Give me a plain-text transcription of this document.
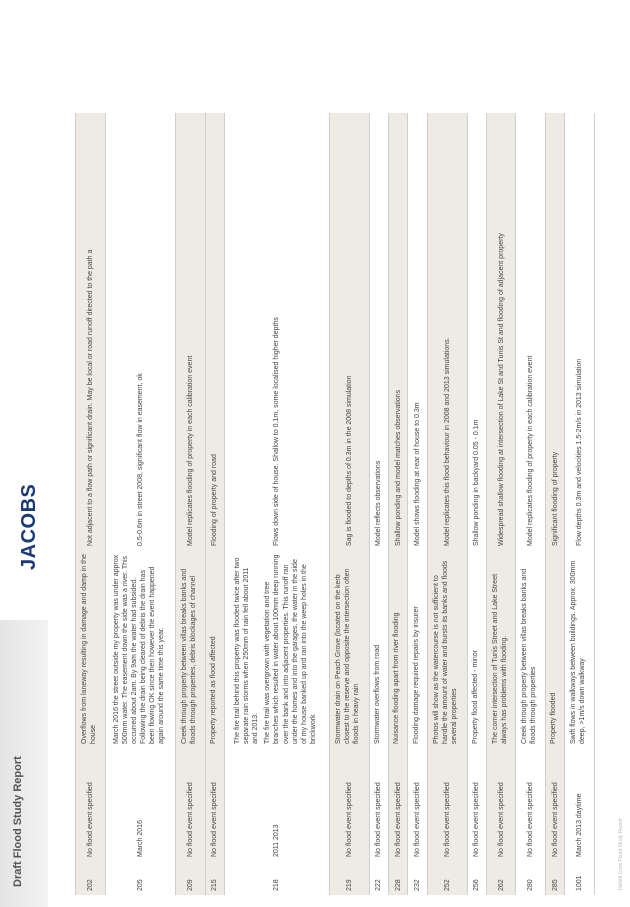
Draft Flood Study Report
JACOBS
Hallett Cove Flood Study Report
202	No flood event specified	Overflows from laneway resulting in damage and damp in the house	Not adjacent to a flow path or significant drain. May be local or road runoff directed to the path a
205	March 2016	March 2016 the street outside my property was under approx 500mm water. The easement down the side was a river. This occurred about 2am. By 9am the water had subsided. Following the drain being cleared of debris the drain has been flowing OK since then however the event happened again around the same time this year.	0.5-0.6m in street 2008, significant flow in easement, ok
209	No flood event specified	Creek through property between villas breaks banks and floods through properties, debris blockages of channel	Model replicates flooding of property in each calibration event
215	No flood event specified	Property reported as flood affected	Flooding of property and road
218	2011 2013	The fire trail behind this property was flooded twice after two separate rain storms when 250mm of rain fell about 2011 and 2013. The fire trail was overgrown with vegetation and tree branches which resulted in water about 100mm deep running over the bank and into adjacent properties. This runoff ran under the homes and into the garages, the water in the side of my house banked up and ran into the weep holes in the brickwork	Flows down side of house. Shallow to 0.1m, some localised higher depths
219	No flood event specified	Stormwater drain on Peach Grove (located on the kerb closest to the reserve and opposite the intersection often floods in heavy rain	Sag is flooded to depths of 0.3m in the 2008 simulation
222	No flood event specified	Stormwater overflows from road	Model reflects observations
228	No flood event specified	Nuisance flooding apart from river flooding	Shallow ponding and model matches observations
232	No flood event specified	Flooding damage required repairs by insurer	Model shows flooding at rear of house to 0.3m
252	No flood event specified	Photos will show as the watercourse is not sufficient to handle the amount of water and bursts its banks and floods several properties	Model replicates this flood behaviour in 2008 and 2013 simulations.
256	No flood event specified	Property flood affected - minor	Shallow ponding in backyard 0.05 - 0.1m
262	No flood event specified	The corner intersection of Tunis Street and Lake Street always has problems with flooding.	Widespread shallow flooding at intersection of Lake St and Tunis St and flooding of adjacent property
280	No flood event specified	Creek through property between villas breaks banks and floods through properties	Model replicates flooding of property in each calibration event
285	No flood event specified	Property flooded	Significant flooding of property
1001	March 2013 daytime	Swift flows in walkways between buildings. Approx. 300mm deep, >1m/s down walkway	Flow depths 0.3m and velocities 1.5-2m/s in 2013 simulation
